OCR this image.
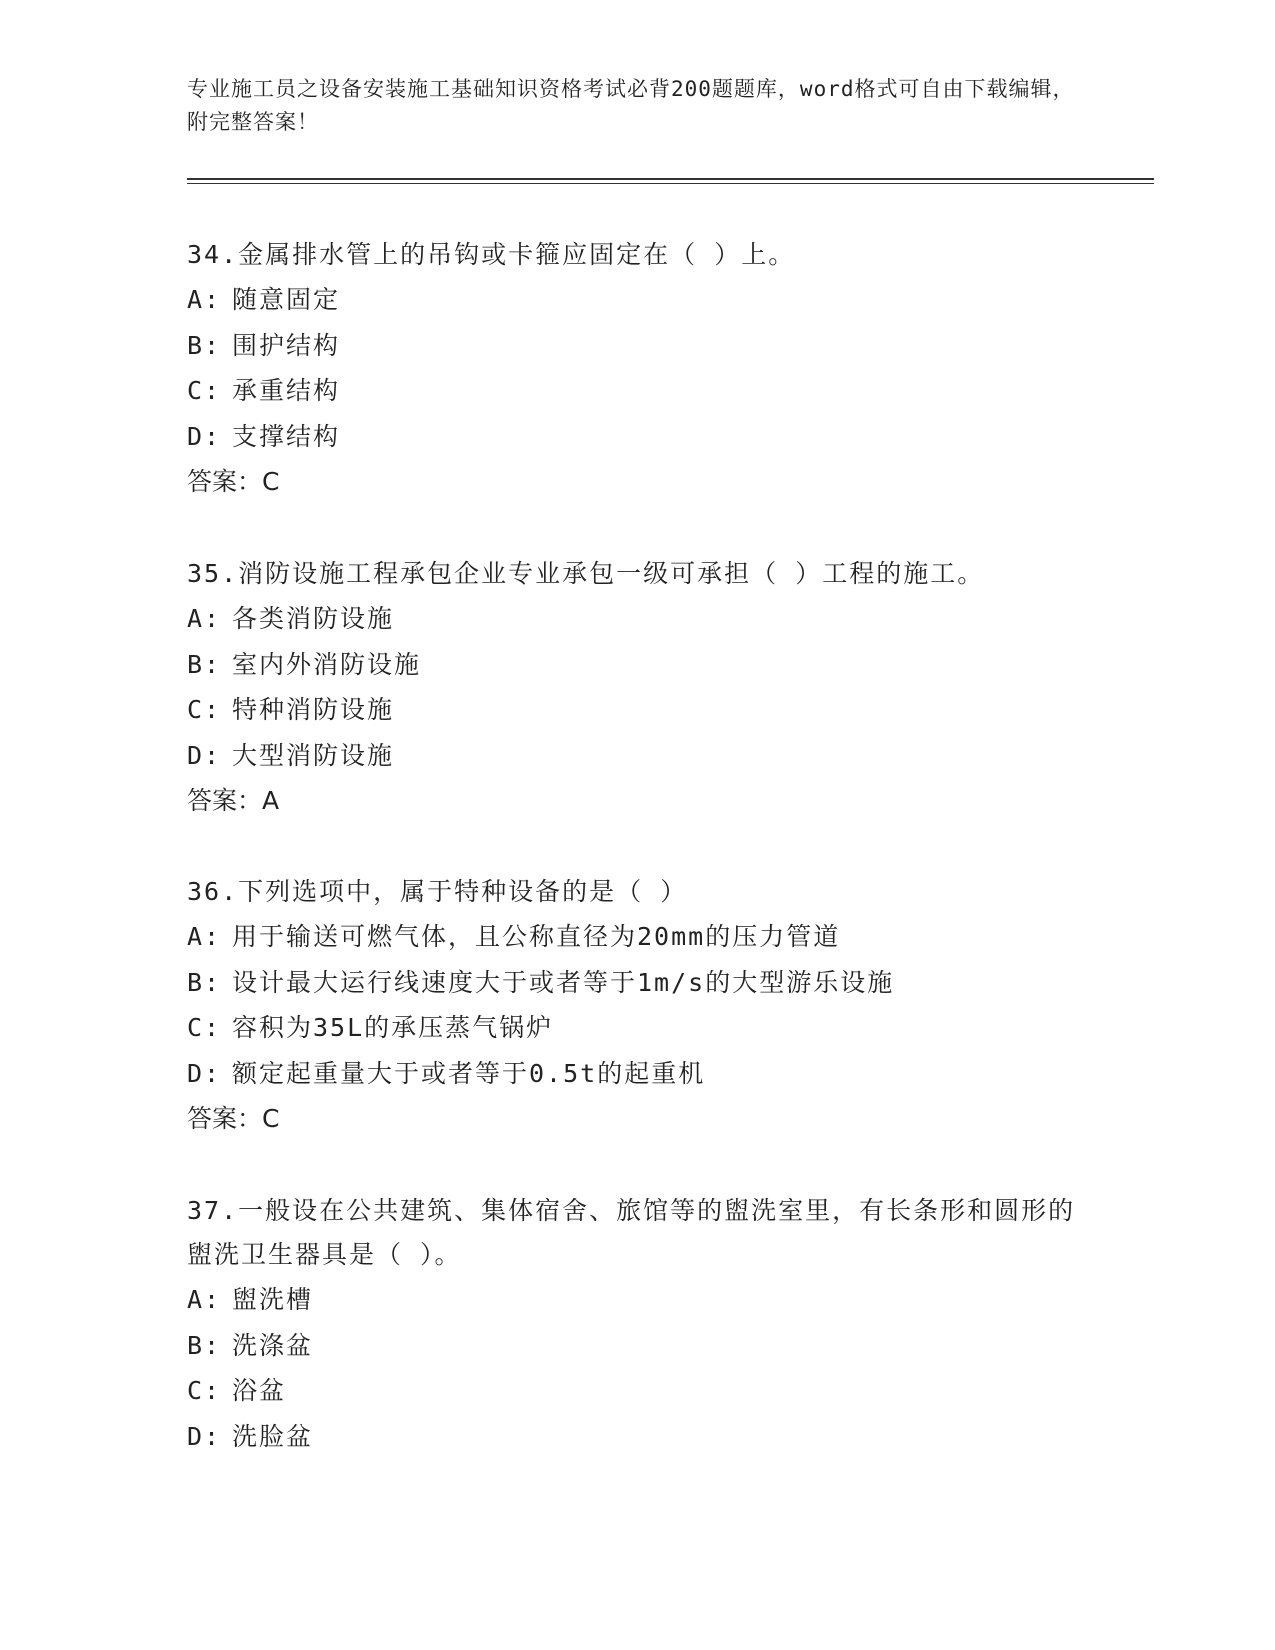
专业施工员之设备安装施工基础知识资格考试必背200题题库，word格式可自由下载编辑，附完整答案！

34.金属排水管上的吊钩或卡箍应固定在（ ）上。

A: 随意固定

B: 围护结构

C: 承重结构

D: 支撑结构

答案：C

35.消防设施工程承包企业专业承包一级可承担（ ）工程的施工。

A: 各类消防设施

B: 室内外消防设施

C: 特种消防设施

D: 大型消防设施

答案：A

36.下列选项中，属于特种设备的是（ ）

A: 用于输送可燃气体，且公称直径为20mm的压力管道

B: 设计最大运行线速度大于或者等于1m/s的大型游乐设施

C: 容积为35L的承压蒸气锅炉

D: 额定起重量大于或者等于0.5t的起重机

答案：C

37.一般设在公共建筑、集体宿舍、旅馆等的盥洗室里，有长条形和圆形的盥洗卫生器具是（ ）。

A: 盥洗槽

B: 洗涤盆

C: 浴盆

D: 洗脸盆
